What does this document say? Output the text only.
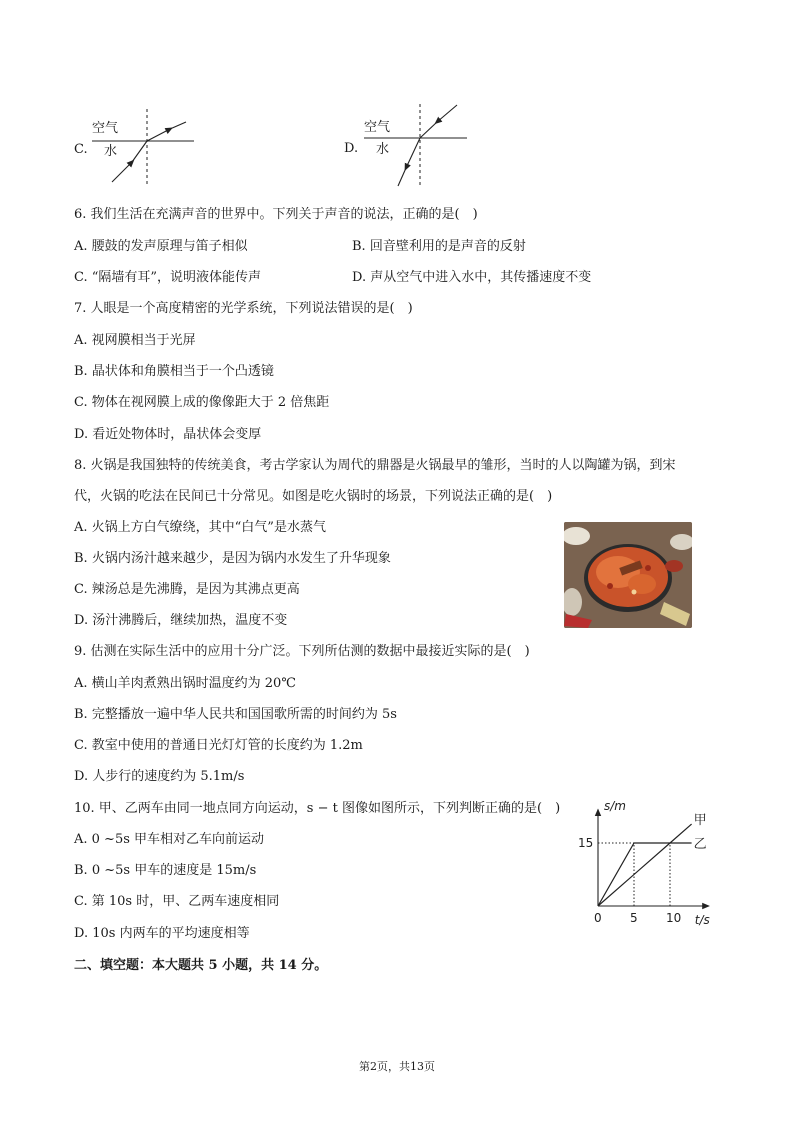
C.
空气
水	D.
空气
水
6. 我们生活在充满声音的世界中。下列关于声音的说法，正确的是(　)
A. 腰鼓的发声原理与笛子相似	B. 回音壁利用的是声音的反射
C. “隔墙有耳”，说明液体能传声	D. 声从空气中进入水中，其传播速度不变
7. 人眼是一个高度精密的光学系统，下列说法错误的是(　)
A. 视网膜相当于光屏
B. 晶状体和角膜相当于一个凸透镜
C. 物体在视网膜上成的像像距大于 2 倍焦距
D. 看近处物体时，晶状体会变厚
8. 火锅是我国独特的传统美食，考古学家认为周代的鼎器是火锅最早的雏形，当时的人以陶罐为锅，到宋
代，火锅的吃法在民间已十分常见。如图是吃火锅时的场景，下列说法正确的是(　)
A. 火锅上方白气缭绕，其中“白气”是水蒸气
B. 火锅内汤汁越来越少，是因为锅内水发生了升华现象
C. 辣汤总是先沸腾，是因为其沸点更高
D. 汤汁沸腾后，继续加热，温度不变
9. 估测在实际生活中的应用十分广泛。下列所估测的数据中最接近实际的是(　)
A. 横山羊肉煮熟出锅时温度约为 20℃
B. 完整播放一遍中华人民共和国国歌所需的时间约为 5s
C. 教室中使用的普通日光灯灯管的长度约为 1.2m
D. 人步行的速度约为 5.1m/s
10. 甲、乙两车由同一地点同方向运动，s − t 图像如图所示，下列判断正确的是(　)
A. 0 ~5s 甲车相对乙车向前运动
B. 0 ~5s 甲车的速度是 15m/s
C. 第 10s 时，甲、乙两车速度相同
D. 10s 内两车的平均速度相等
s/m
t/s
0 5 10
15
甲
乙
二、填空题：本大题共 5 小题，共 14 分。
第2页，共13页
